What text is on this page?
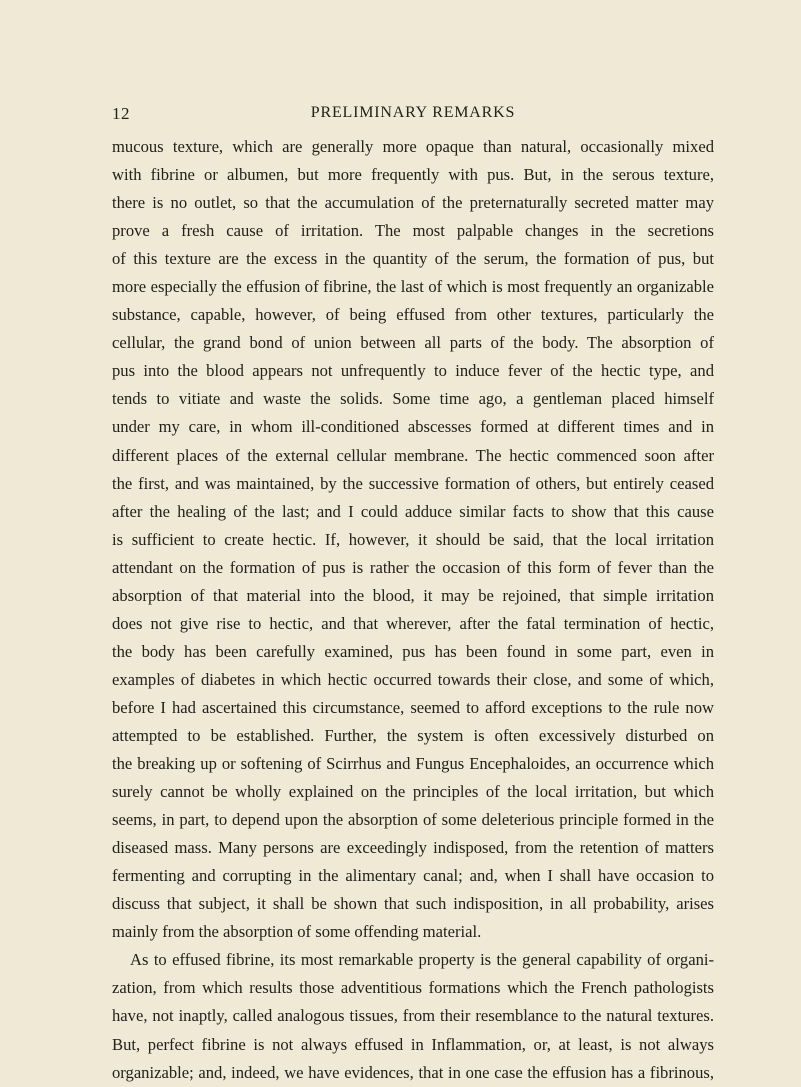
12	PRELIMINARY REMARKS
mucous texture, which are generally more opaque than natural, occasionally mixed
with fibrine or albumen, but more frequently with pus. But, in the serous texture,
there is no outlet, so that the accumulation of the preternaturally secreted matter may
prove a fresh cause of irritation. The most palpable changes in the secretions
of this texture are the excess in the quantity of the serum, the formation of pus, but
more especially the effusion of fibrine, the last of which is most frequently an organizable
substance, capable, however, of being effused from other textures, particularly the
cellular, the grand bond of union between all parts of the body. The absorption of
pus into the blood appears not unfrequently to induce fever of the hectic type, and
tends to vitiate and waste the solids. Some time ago, a gentleman placed himself
under my care, in whom ill-conditioned abscesses formed at different times and in
different places of the external cellular membrane. The hectic commenced soon after
the first, and was maintained, by the successive formation of others, but entirely ceased
after the healing of the last; and I could adduce similar facts to show that this cause
is sufficient to create hectic. If, however, it should be said, that the local irritation
attendant on the formation of pus is rather the occasion of this form of fever than the
absorption of that material into the blood, it may be rejoined, that simple irritation
does not give rise to hectic, and that wherever, after the fatal termination of hectic,
the body has been carefully examined, pus has been found in some part, even in
examples of diabetes in which hectic occurred towards their close, and some of which,
before I had ascertained this circumstance, seemed to afford exceptions to the rule now
attempted to be established. Further, the system is often excessively disturbed on
the breaking up or softening of Scirrhus and Fungus Encephaloides, an occurrence which
surely cannot be wholly explained on the principles of the local irritation, but which
seems, in part, to depend upon the absorption of some deleterious principle formed in the
diseased mass. Many persons are exceedingly indisposed, from the retention of matters
fermenting and corrupting in the alimentary canal; and, when I shall have occasion to
discuss that subject, it shall be shown that such indisposition, in all probability, arises
mainly from the absorption of some offending material.
As to effused fibrine, its most remarkable property is the general capability of organi-
zation, from which results those adventitious formations which the French pathologists
have, not inaptly, called analogous tissues, from their resemblance to the natural textures.
But, perfect fibrine is not always effused in Inflammation, or, at least, is not always
organizable; and, indeed, we have evidences, that in one case the effusion has a fibrinous,
